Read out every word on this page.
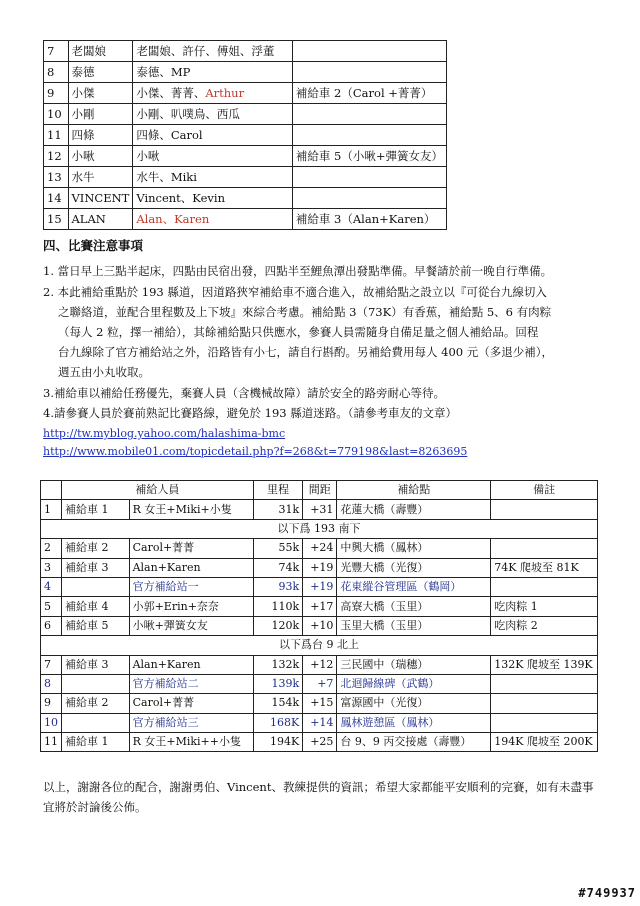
7	老闆娘	老闆娘、許仔、傅姐、浮董	
8	泰德	泰德、MP	
9	小傑	小傑、菁菁、Arthur	補給車 2（Carol +菁菁）
10	小剛	小剛、叭噗鳥、西瓜	
11	四條	四條、Carol	
12	小啾	小啾	補給車 5（小啾+彈簧女友）
13	水牛	水牛、Miki	
14	VINCENT	Vincent、Kevin	
15	ALAN	Alan、Karen	補給車 3（Alan+Karen）
四、比賽注意事項
1. 當日早上三點半起床，四點由民宿出發，四點半至鯉魚潭出發點準備。早餐請於前一晚自行準備。
2. 本此補給重點於 193 縣道，因道路狹窄補給車不適合進入，故補給點之設立以『可從台九線切入
之聯絡道，並配合里程數及上下坡』來綜合考慮。補給點 3（73K）有香蕉，補給點 5、6 有肉粽
（每人 2 粒，擇一補給），其餘補給點只供應水，參賽人員需隨身自備足量之個人補給品。回程
台九線除了官方補給站之外，沿路皆有小七，請自行斟酌。另補給費用每人 400 元（多退少補），
週五由小丸收取。
3.補給車以補給任務優先，棄賽人員（含機械故障）請於安全的路旁耐心等待。
4.請參賽人員於賽前熟記比賽路線，避免於 193 縣道迷路。（請參考車友的文章）
http://tw.myblog.yahoo.com/halashima-bmc
http://www.mobile01.com/topicdetail.php?f=268&t=779198&last=8263695
	補給人員		里程	間距	補給點	備註
1	補給車 1	R 女王+Miki+小隻	31k	+31	花蓮大橋（壽豐）	
以下爲 193 南下						
2	補給車 2	Carol+菁菁	55k	+24	中興大橋（鳳林）	
3	補給車 3	Alan+Karen	74k	+19	光豐大橋（光復）	74K 爬坡至 81K
4		官方補給站一	93k	+19	花東縱谷管理區（鶴岡）	
5	補給車 4	小郭+Erin+奈奈	110k	+17	高寮大橋（玉里）	吃肉粽 1
6	補給車 5	小啾+彈簧女友	120k	+10	玉里大橋（玉里）	吃肉粽 2
以下爲台 9 北上						
7	補給車 3	Alan+Karen	132k	+12	三民國中（瑞穗）	132K 爬坡至 139K
8		官方補給站二	139k	+7	北迴歸線碑（武鶴）	
9	補給車 2	Carol+菁菁	154k	+15	富源國中（光復）	
10		官方補給站三	168K	+14	鳳林遊憩區（鳳林）	
11	補給車 1	R 女王+Miki++小隻	194K	+25	台 9、9 丙交接處（壽豐）	194K 爬坡至 200K
以上，謝謝各位的配合，謝謝勇伯、Vincent、教練提供的資訊；希望大家都能平安順利的完賽，如有未盡事宜將於討論後公佈。
#749937
